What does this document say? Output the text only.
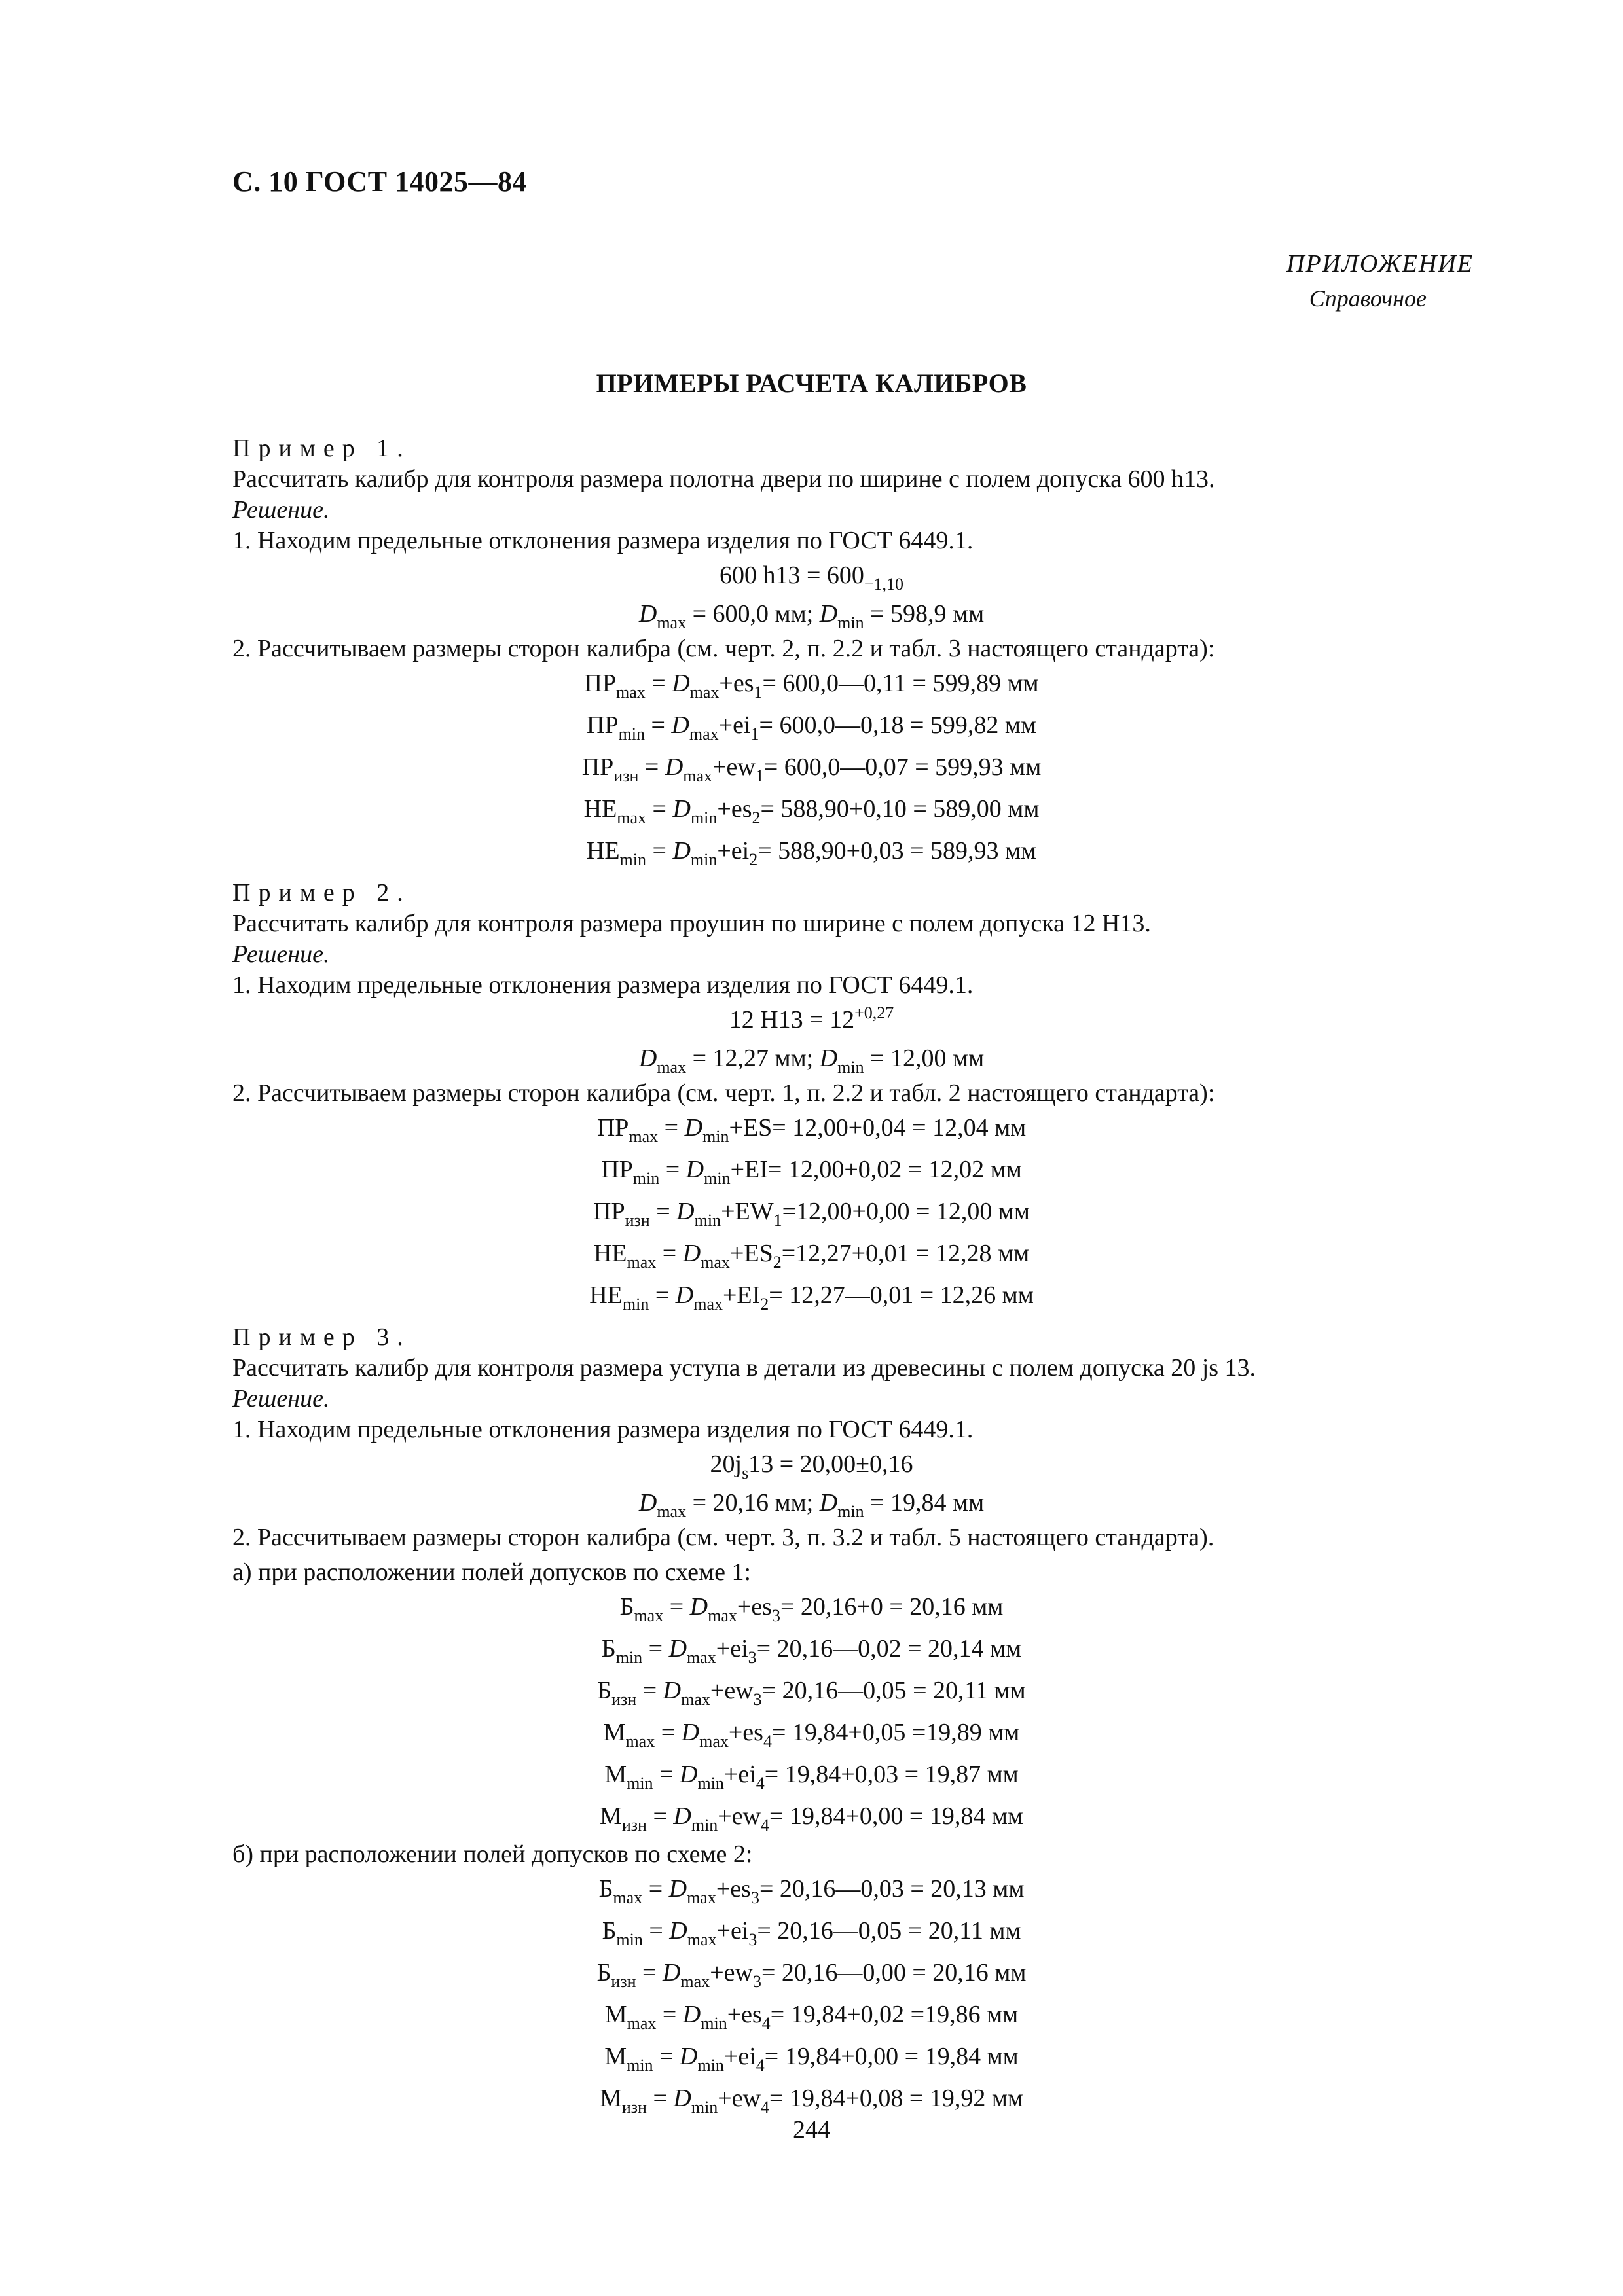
С. 10 ГОСТ 14025—84
ПРИЛОЖЕНИЕ
Справочное
ПРИМЕРЫ РАСЧЕТА КАЛИБРОВ
Пример 1.
Рассчитать калибр для контроля размера полотна двери по ширине с полем допуска 600 h13.
Решение.
1. Находим предельные отклонения размера изделия по ГОСТ 6449.1.
600 $h13 = 600_{-1,10}$
$D_{max} = 600,0$ мм; $D_{min} = 598,9$ мм
2. Рассчитываем размеры сторон калибра (см. черт. 2, п. 2.2 и табл. 3 настоящего стандарта):
$ПР_{max} = D_{max}+es_1=$ 600,0—0,11 = 599,89 мм
$ПР_{min} = D_{max}+ei_1=$ 600,0—0,18 = 599,82 мм
$ПР_{изн} = D_{max}+ew_1=$ 600,0—0,07 = 599,93 мм
$НЕ_{max} = D_{min}+es_2= 588,90+0,10 = 589,00$ мм
$НЕ_{min} = D_{min}+ei_2= 588,90+0,03 = 589,93$ мм
Пример 2.
Рассчитать калибр для контроля размера проушин по ширине с полем допуска 12 H13.
Решение.
1. Находим предельные отклонения размера изделия по ГОСТ 6449.1.
12 $H13 = 12^{+0,27}$
$D_{max} = 12,27$ мм; $D_{min} = 12,00$ мм
2. Рассчитываем размеры сторон калибра (см. черт. 1, п. 2.2 и табл. 2 настоящего стандарта):
$ПР_{max} = D_{min}+ES= 12,00+0,04 = 12,04$ мм
$ПР_{min} = D_{min}+EI= 12,00+0,02 = 12,02$ мм
$ПР_{изн} = D_{min}+EW_1=12,00+0,00 = 12,00$ мм
$НЕ_{max} = D_{max}+ES_2=12,27+0,01 = 12,28$ мм
$НЕ_{min} = D_{max}+EI_2=$ 12,27—0,01 = 12,26 мм
Пример 3.
Рассчитать калибр для контроля размера уступа в детали из древесины с полем допуска 20 js 13.
Решение.
1. Находим предельные отклонения размера изделия по ГОСТ 6449.1.
$20j_s13 = 20,00\pm 0,16$
$D_{max} = 20,16$ мм; $D_{min} = 19,84$ мм
2. Рассчитываем размеры сторон калибра (см. черт. 3, п. 3.2 и табл. 5 настоящего стандарта).
а) при расположении полей допусков по схеме 1:
$Б_{max} = D_{max}+es_3= 20,16+0 = 20,16$ мм
$Б_{min} = D_{max}+ei_3=$ 20,16—0,02 = 20,14 мм
$Б_{изн} = D_{max}+ew_3=$ 20,16—0,05 = 20,11 мм
$М_{max} = D_{max}+es_4= 19,84+0,05 =19,89$ мм
$М_{min} = D_{min}+ei_4= 19,84+0,03 = 19,87$ мм
$М_{изн} = D_{min}+ew_4= 19,84+0,00 = 19,84$ мм
б) при расположении полей допусков по схеме 2:
$Б_{max} = D_{max}+es_3=$ 20,16—0,03 = 20,13 мм
$Б_{min} = D_{max}+ei_3=$ 20,16—0,05 = 20,11 мм
$Б_{изн} = D_{max}+ew_3=$ 20,16—0,00 = 20,16 мм
$М_{max} = D_{min}+es_4= 19,84+0,02 =19,86$ мм
$М_{min} = D_{min}+ei_4= 19,84+0,00 = 19,84$ мм
$М_{изн} = D_{min}+ew_4= 19,84+0,08 = 19,92$ мм
244
